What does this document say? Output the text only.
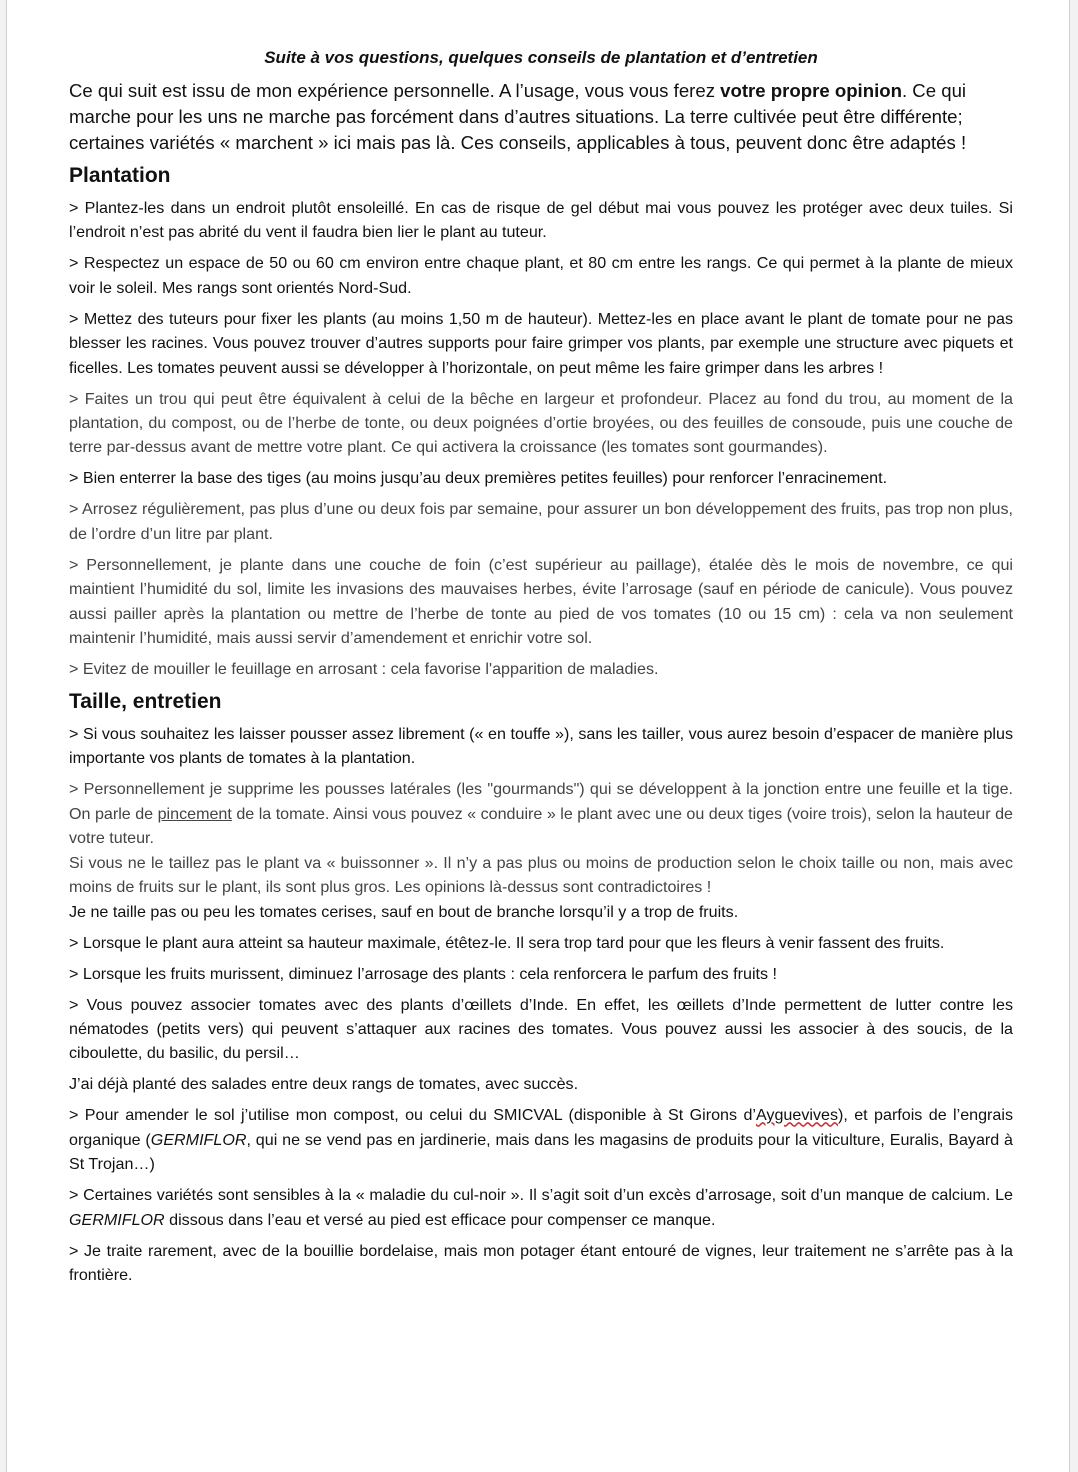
Suite à vos questions, quelques conseils de plantation et d’entretien

Ce qui suit est issu de mon expérience personnelle. A l’usage, vous vous ferez votre propre opinion. Ce qui marche pour les uns ne marche pas forcément dans d’autres situations. La terre cultivée peut être différente; certaines variétés « marchent » ici mais pas là. Ces conseils, applicables à tous, peuvent donc être adaptés !

Plantation

> Plantez-les dans un endroit plutôt ensoleillé. En cas de risque de gel début mai vous pouvez les protéger avec deux tuiles. Si l’endroit n’est pas abrité du vent il faudra bien lier le plant au tuteur.

> Respectez un espace de 50 ou 60 cm environ entre chaque plant, et 80 cm entre les rangs. Ce qui permet à la plante de mieux voir le soleil. Mes rangs sont orientés Nord-Sud.

> Mettez des tuteurs pour fixer les plants (au moins 1,50 m de hauteur). Mettez-les en place avant le plant de tomate pour ne pas blesser les racines. Vous pouvez trouver d’autres supports pour faire grimper vos plants, par exemple une structure avec piquets et ficelles. Les tomates peuvent aussi se développer à l’horizontale, on peut même les faire grimper dans les arbres !

> Faites un trou qui peut être équivalent à celui de la bêche en largeur et profondeur. Placez au fond du trou, au moment de la plantation, du compost, ou de l’herbe de tonte, ou deux poignées d’ortie broyées, ou des feuilles de consoude, puis une couche de terre par-dessus avant de mettre votre plant. Ce qui activera la croissance (les tomates sont gourmandes).

> Bien enterrer la base des tiges (au moins jusqu’au deux premières petites feuilles) pour renforcer l’enracinement.

> Arrosez régulièrement, pas plus d’une ou deux fois par semaine, pour assurer un bon développement des fruits, pas trop non plus, de l’ordre d’un litre par plant.

> Personnellement, je plante dans une couche de foin (c’est supérieur au paillage), étalée dès le mois de novembre, ce qui maintient l’humidité du sol, limite les invasions des mauvaises herbes, évite l’arrosage (sauf en période de canicule). Vous pouvez aussi pailler après la plantation ou mettre de l’herbe de tonte au pied de vos tomates (10 ou 15 cm) : cela va non seulement maintenir l’humidité, mais aussi servir d’amendement et enrichir votre sol.

> Evitez de mouiller le feuillage en arrosant : cela favorise l'apparition de maladies.

Taille, entretien

> Si vous souhaitez les laisser pousser assez librement (« en touffe »), sans les tailler, vous aurez besoin d’espacer de manière plus importante vos plants de tomates à la plantation.

> Personnellement je supprime les pousses latérales (les "gourmands") qui se développent à la jonction entre une feuille et la tige. On parle de pincement de la tomate. Ainsi vous pouvez « conduire » le plant avec une ou deux tiges (voire trois), selon la hauteur de votre tuteur.

Si vous ne le taillez pas le plant va « buissonner ». Il n’y a pas plus ou moins de production selon le choix taille ou non, mais avec moins de fruits sur le plant, ils sont plus gros. Les opinions là-dessus sont contradictoires !

Je ne taille pas ou peu les tomates cerises, sauf en bout de branche lorsqu’il y a trop de fruits.

> Lorsque le plant aura atteint sa hauteur maximale, étêtez-le. Il sera trop tard pour que les fleurs à venir fassent des fruits.

> Lorsque les fruits murissent, diminuez l’arrosage des plants : cela renforcera le parfum des fruits !

> Vous pouvez associer tomates avec des plants d’œillets d’Inde. En effet, les œillets d’Inde permettent de lutter contre les nématodes (petits vers) qui peuvent s’attaquer aux racines des tomates. Vous pouvez aussi les associer à des soucis, de la ciboulette, du basilic, du persil…

J’ai déjà planté des salades entre deux rangs de tomates, avec succès.

> Pour amender le sol j’utilise mon compost, ou celui du SMICVAL (disponible à St Girons d’Ayguevives), et parfois de l’engrais organique (GERMIFLOR, qui ne se vend pas en jardinerie, mais dans les magasins de produits pour la viticulture, Euralis, Bayard à St Trojan…)

> Certaines variétés sont sensibles à la « maladie du cul-noir ». Il s’agit soit d’un excès d’arrosage, soit d’un manque de calcium. Le GERMIFLOR dissous dans l’eau et versé au pied est efficace pour compenser ce manque.

> Je traite rarement, avec de la bouillie bordelaise, mais mon potager étant entouré de vignes, leur traitement ne s’arrête pas à la frontière.
